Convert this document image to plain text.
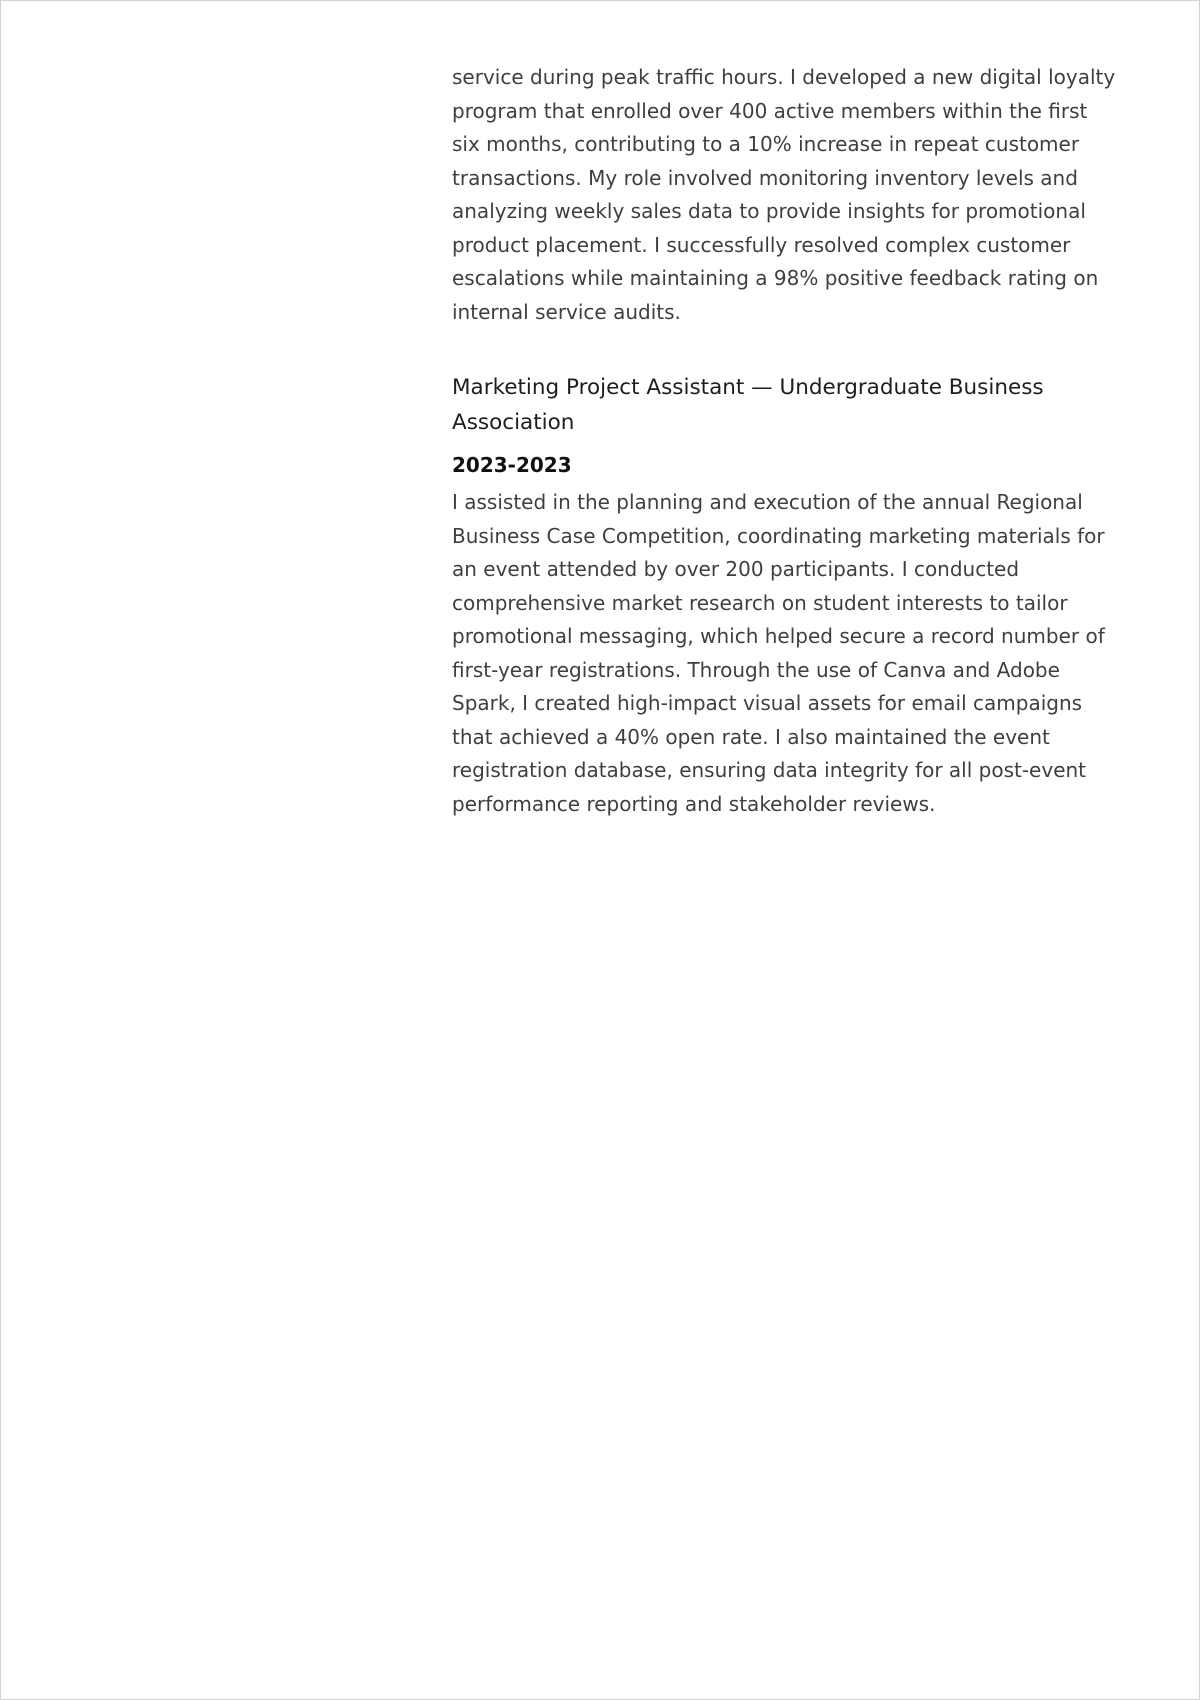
service during peak traffic hours. I developed a new digital loyalty program that enrolled over 400 active members within the first six months, contributing to a 10% increase in repeat customer transactions. My role involved monitoring inventory levels and analyzing weekly sales data to provide insights for promotional product placement. I successfully resolved complex customer escalations while maintaining a 98% positive feedback rating on internal service audits.

Marketing Project Assistant — Undergraduate Business Association
2023-2023

I assisted in the planning and execution of the annual Regional Business Case Competition, coordinating marketing materials for an event attended by over 200 participants. I conducted comprehensive market research on student interests to tailor promotional messaging, which helped secure a record number of first-year registrations. Through the use of Canva and Adobe Spark, I created high-impact visual assets for email campaigns that achieved a 40% open rate. I also maintained the event registration database, ensuring data integrity for all post-event performance reporting and stakeholder reviews.
